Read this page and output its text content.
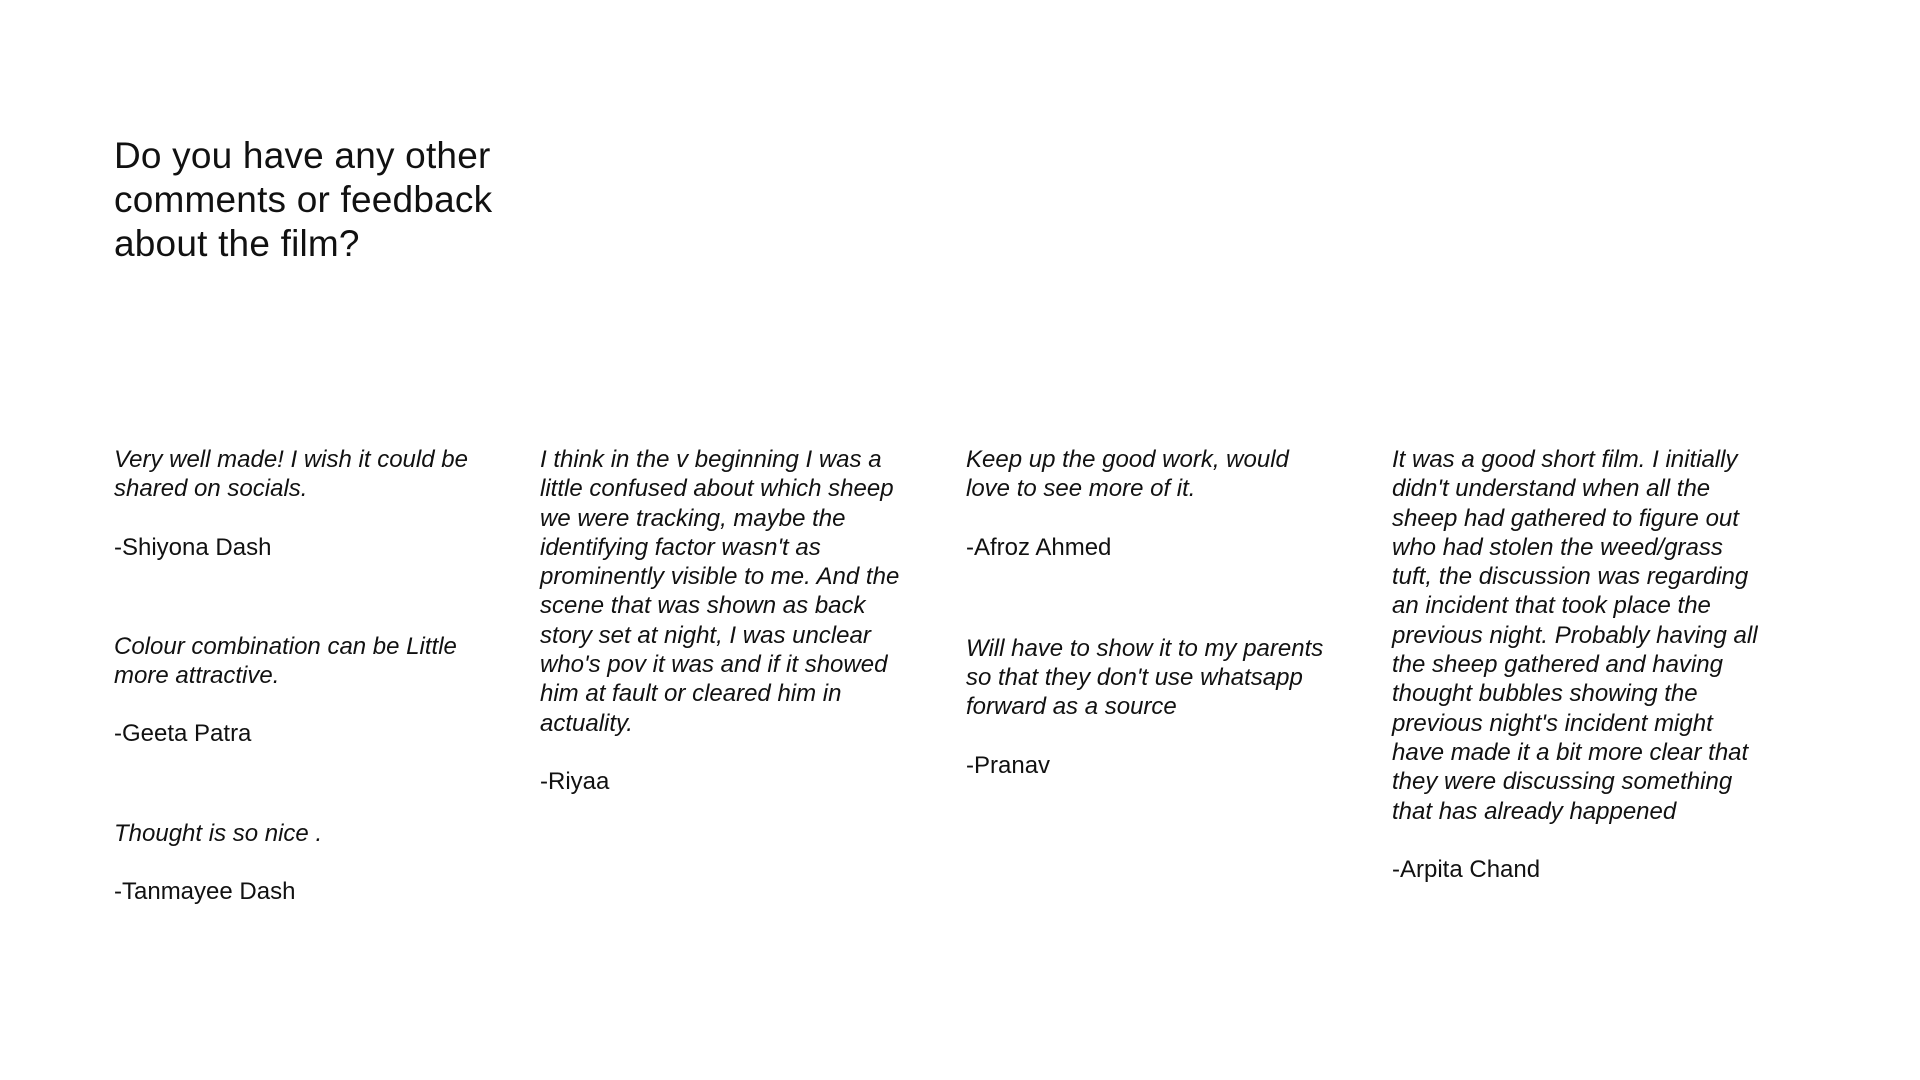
Do you have any other comments or feedback about the film?

Very well made! I wish it could be shared on socials.

-Shiyona Dash

Colour combination can be Little more attractive.

-Geeta Patra

Thought is so nice .

-Tanmayee Dash

I think in the v beginning I was a little confused about which sheep we were tracking, maybe the identifying factor wasn't as prominently visible to me. And the scene that was shown as back story set at night, I was unclear who's pov it was and if it showed him at fault or cleared him in actuality.

-Riyaa

Keep up the good work, would love to see more of it.

-Afroz Ahmed

Will have to show it to my parents so that they don't use whatsapp forward as a source

-Pranav

It was a good short film. I initially didn't understand when all the sheep had gathered to figure out who had stolen the weed/grass tuft, the discussion was regarding an incident that took place the previous night. Probably having all the sheep gathered and having thought bubbles showing the previous night's incident might have made it a bit more clear that they were discussing something that has already happened

-Arpita Chand
